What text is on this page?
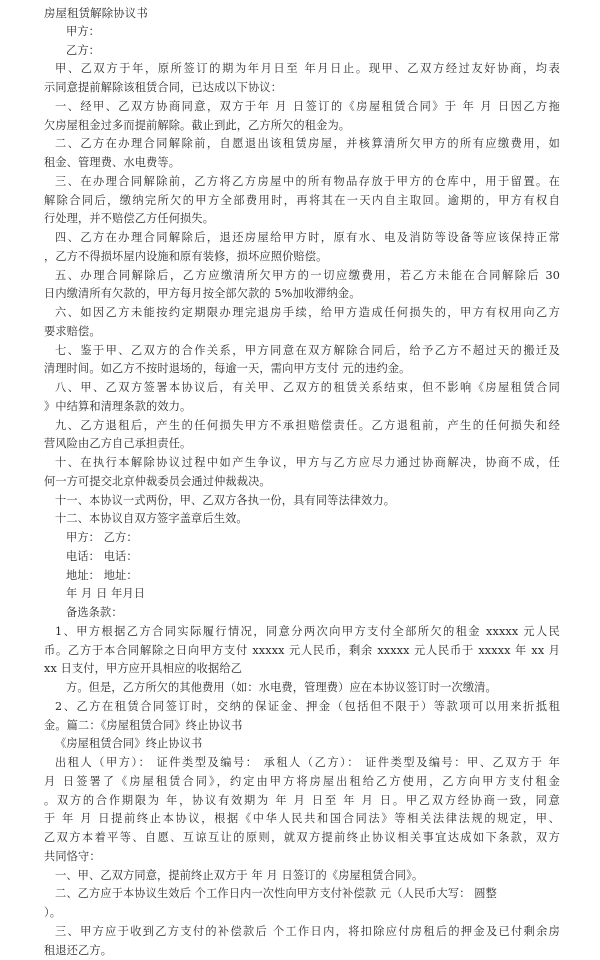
房屋租赁解除协议书
甲方：
乙方：
甲、乙双方于年，原所签订的期为年月日至 年月日止。现甲、乙双方经过友好协商，均表
示同意提前解除该租赁合同，已达成以下协议：
一、经甲、乙双方协商同意，双方于年 月 日签订的《房屋租赁合同》于 年 月 日因乙方拖
欠房屋租金过多而提前解除。截止到此，乙方所欠的租金为。
二、乙方在办理合同解除前，自愿退出该租赁房屋，并核算清所欠甲方的所有应缴费用，如
租金、管理费、水电费等。
三、在办理合同解除前，乙方将乙方房屋中的所有物品存放于甲方的仓库中，用于留置。在
解除合同后，缴纳完所欠的甲方全部费用时，再将其在一天内自主取回。逾期的，甲方有权自
行处理，并不赔偿乙方任何损失。
四、乙方在办理合同解除后，退还房屋给甲方时，原有水、电及消防等设备等应该保持正常
，乙方不得损坏屋内设施和原有装修，损坏应照价赔偿。
五、办理合同解除后，乙方应缴清所欠甲方的一切应缴费用，若乙方未能在合同解除后 30
日内缴清所有欠款的，甲方每月按全部欠款的 5%加收滞纳金。
六、如因乙方未能按约定期限办理完退房手续，给甲方造成任何损失的，甲方有权用向乙方
要求赔偿。
七、鉴于甲、乙双方的合作关系，甲方同意在双方解除合同后，给予乙方不超过天的搬迁及
清理时间。如乙方不按时退场的，每逾一天，需向甲方支付 元的违约金。
八、甲、乙双方签署本协议后，有关甲、乙双方的租赁关系结束，但不影响《房屋租赁合同
》中结算和清理条款的效力。
九、乙方退租后，产生的任何损失甲方不承担赔偿责任。乙方退租前，产生的任何损失和经
营风险由乙方自己承担责任。
十、在执行本解除协议过程中如产生争议，甲方与乙方应尽力通过协商解决，协商不成，任
何一方可提交北京仲裁委员会通过仲裁裁决。
十一、本协议一式两份，甲、乙双方各执一份，具有同等法律效力。
十二、本协议自双方签字盖章后生效。
甲方： 乙方：
电话： 电话：
地址： 地址：
年 月 日 年月日
备选条款：
1、甲方根据乙方合同实际履行情况，同意分两次向甲方支付全部所欠的租金 xxxxx 元人民
币。乙方于本合同解除之日向甲方支付 xxxxx 元人民币，剩余 xxxxx 元人民币于 xxxxx 年 xx 月
xx 日支付，甲方应开具相应的收据给乙
方。但是，乙方所欠的其他费用（如：水电费，管理费）应在本协议签订时一次缴清。
2、乙方在租赁合同签订时，交纳的保证金、押金（包括但不限于）等款项可以用来折抵租
金。篇二：《房屋租赁合同》终止协议书
《房屋租赁合同》终止协议书
出租人（甲方）： 证件类型及编号： 承租人（乙方）： 证件类型及编号：甲、乙双方于 年
月 日签署了《房屋租赁合同》，约定由甲方将房屋出租给乙方使用，乙方向甲方支付租金
。双方的合作期限为 年，协议有效期为 年 月 日至 年 月 日。甲乙双方经协商一致，同意
于 年 月 日提前终止本协议，根据《中华人民共和国合同法》等相关法律法规的规定，甲、
乙双方本着平等、自愿、互谅互让的原则，就双方提前终止协议相关事宜达成如下条款，双方
共同恪守：
一、甲、乙双方同意，提前终止双方于 年 月 日签订的《房屋租赁合同》。
二、乙方应于本协议生效后 个工作日内一次性向甲方支付补偿款 元（人民币大写： 圆整
）。
三、甲方应于收到乙方支付的补偿款后 个工作日内，将扣除应付房租后的押金及已付剩余房
租退还乙方。
